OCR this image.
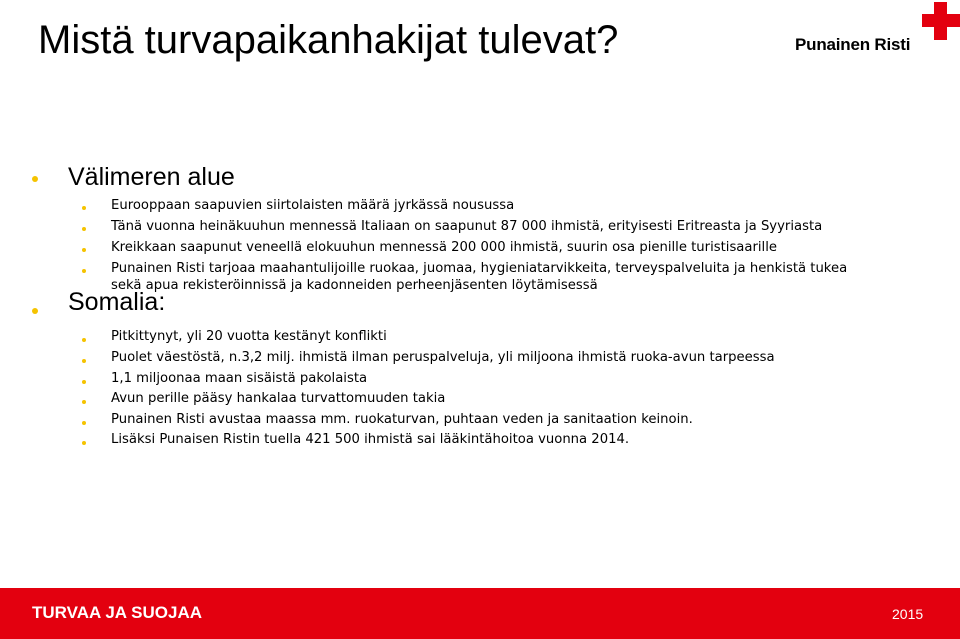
Mistä turvapaikanhakijat tulevat?	Punainen Risti
Välimeren alue
Eurooppaan saapuvien siirtolaisten määrä jyrkässä nousussa
Tänä vuonna heinäkuuhun mennessä Italiaan on saapunut 87 000 ihmistä, erityisesti Eritreasta ja Syyriasta
Kreikkaan saapunut veneellä elokuuhun mennessä 200 000 ihmistä, suurin osa pienille turistisaarille
Punainen Risti tarjoaa maahantulijoille ruokaa, juomaa, hygieniatarvikkeita, terveyspalveluita ja henkistä tukea
sekä apua rekisteröinnissä ja kadonneiden perheenjäsenten löytämisessä
Somalia:
Pitkittynyt, yli 20 vuotta kestänyt konflikti
Puolet väestöstä, n.3,2 milj. ihmistä ilman peruspalveluja, yli miljoona ihmistä ruoka-avun tarpeessa
1,1 miljoonaa maan sisäistä pakolaista
Avun perille pääsy hankalaa turvattomuuden takia
Punainen Risti avustaa maassa mm. ruokaturvan, puhtaan veden ja sanitaation keinoin.
Lisäksi Punaisen Ristin tuella 421 500 ihmistä sai lääkintähoitoa vuonna 2014.
TURVAA JA SUOJAA	2015
